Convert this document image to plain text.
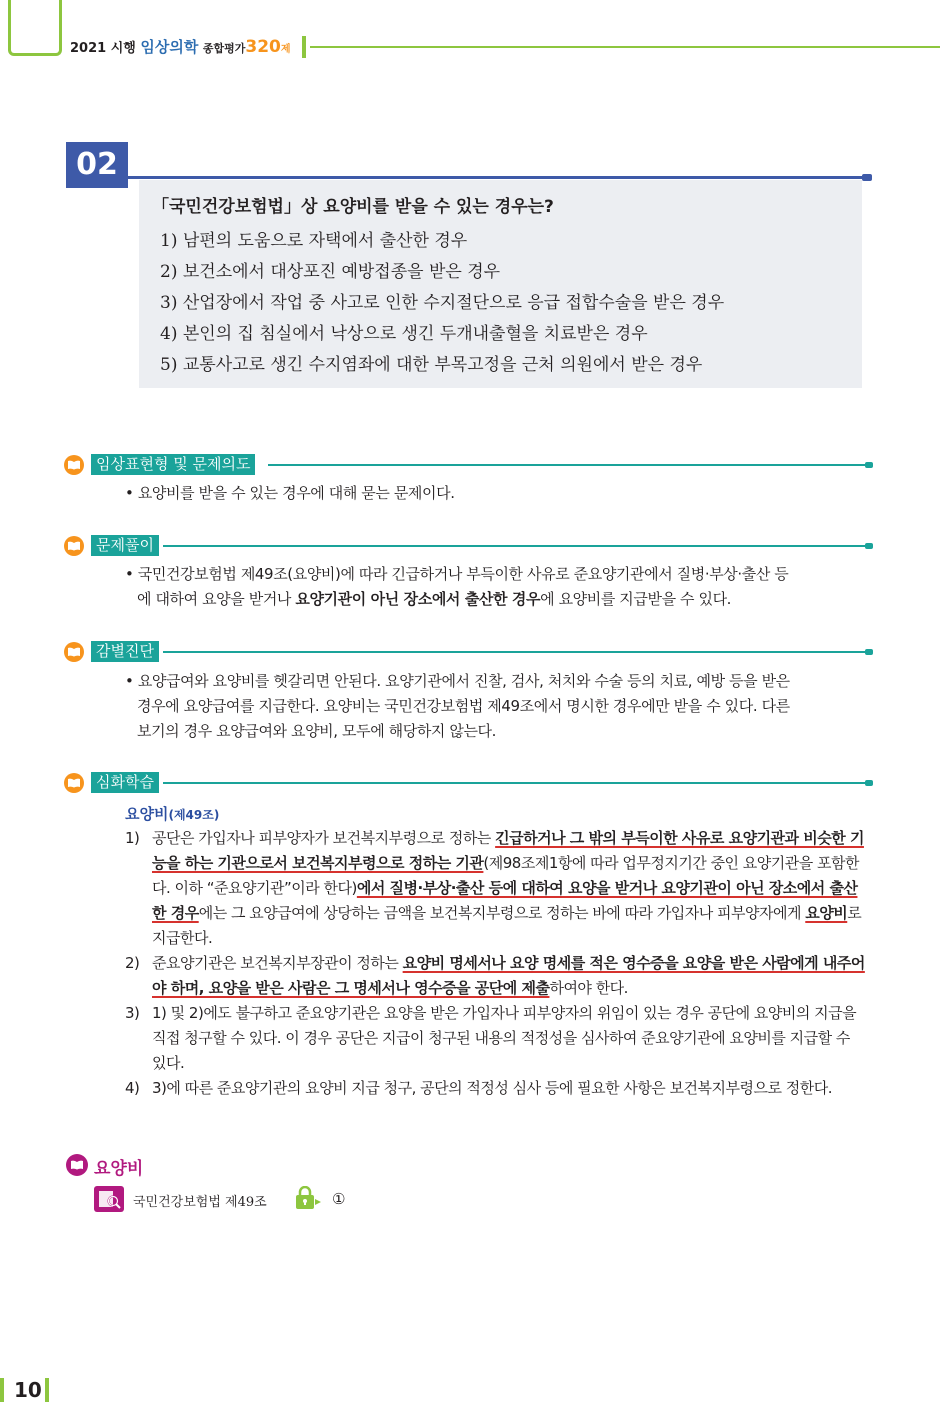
2021 시행 임상의학 종합평가320제
02
「국민건강보험법」상 요양비를 받을 수 있는 경우는?
1) 남편의 도움으로 자택에서 출산한 경우
2) 보건소에서 대상포진 예방접종을 받은 경우
3) 산업장에서 작업 중 사고로 인한 수지절단으로 응급 접합수술을 받은 경우
4) 본인의 집 침실에서 낙상으로 생긴 두개내출혈을 치료받은 경우
5) 교통사고로 생긴 수지염좌에 대한 부목고정을 근처 의원에서 받은 경우
임상표현형 및 문제의도
• 요양비를 받을 수 있는 경우에 대해 묻는 문제이다.
문제풀이
• 국민건강보험법 제49조(요양비)에 따라 긴급하거나 부득이한 사유로 준요양기관에서 질병·부상·출산 등
에 대하여 요양을 받거나 요양기관이 아닌 장소에서 출산한 경우에 요양비를 지급받을 수 있다.
감별진단
• 요양급여와 요양비를 헷갈리면 안된다. 요양기관에서 진찰, 검사, 처치와 수술 등의 치료, 예방 등을 받은
경우에 요양급여를 지급한다. 요양비는 국민건강보험법 제49조에서 명시한 경우에만 받을 수 있다. 다른
보기의 경우 요양급여와 요양비, 모두에 해당하지 않는다.
심화학습
요양비(제49조)
1) 공단은 가입자나 피부양자가 보건복지부령으로 정하는 긴급하거나 그 밖의 부득이한 사유로 요양기관과 비슷한 기능을 하는 기관으로서 보건복지부령으로 정하는 기관(제98조제1항에 따라 업무정지기간 중인 요양기관을 포함한다. 이하 “준요양기관”이라 한다)에서 질병·부상·출산 등에 대하여 요양을 받거나 요양기관이 아닌 장소에서 출산한 경우에는 그 요양급여에 상당하는 금액을 보건복지부령으로 정하는 바에 따라 가입자나 피부양자에게 요양비로 지급한다.
2) 준요양기관은 보건복지부장관이 정하는 요양비 명세서나 요양 명세를 적은 영수증을 요양을 받은 사람에게 내주어야 하며, 요양을 받은 사람은 그 명세서나 영수증을 공단에 제출하여야 한다.
3) 1) 및 2)에도 불구하고 준요양기관은 요양을 받은 가입자나 피부양자의 위임이 있는 경우 공단에 요양비의 지급을 직접 청구할 수 있다. 이 경우 공단은 지급이 청구된 내용의 적정성을 심사하여 준요양기관에 요양비를 지급할 수 있다.
4) 3)에 따른 준요양기관의 요양비 지급 청구, 공단의 적정성 심사 등에 필요한 사항은 보건복지부령으로 정한다.
요양비
국민건강보험법 제49조	①
10
